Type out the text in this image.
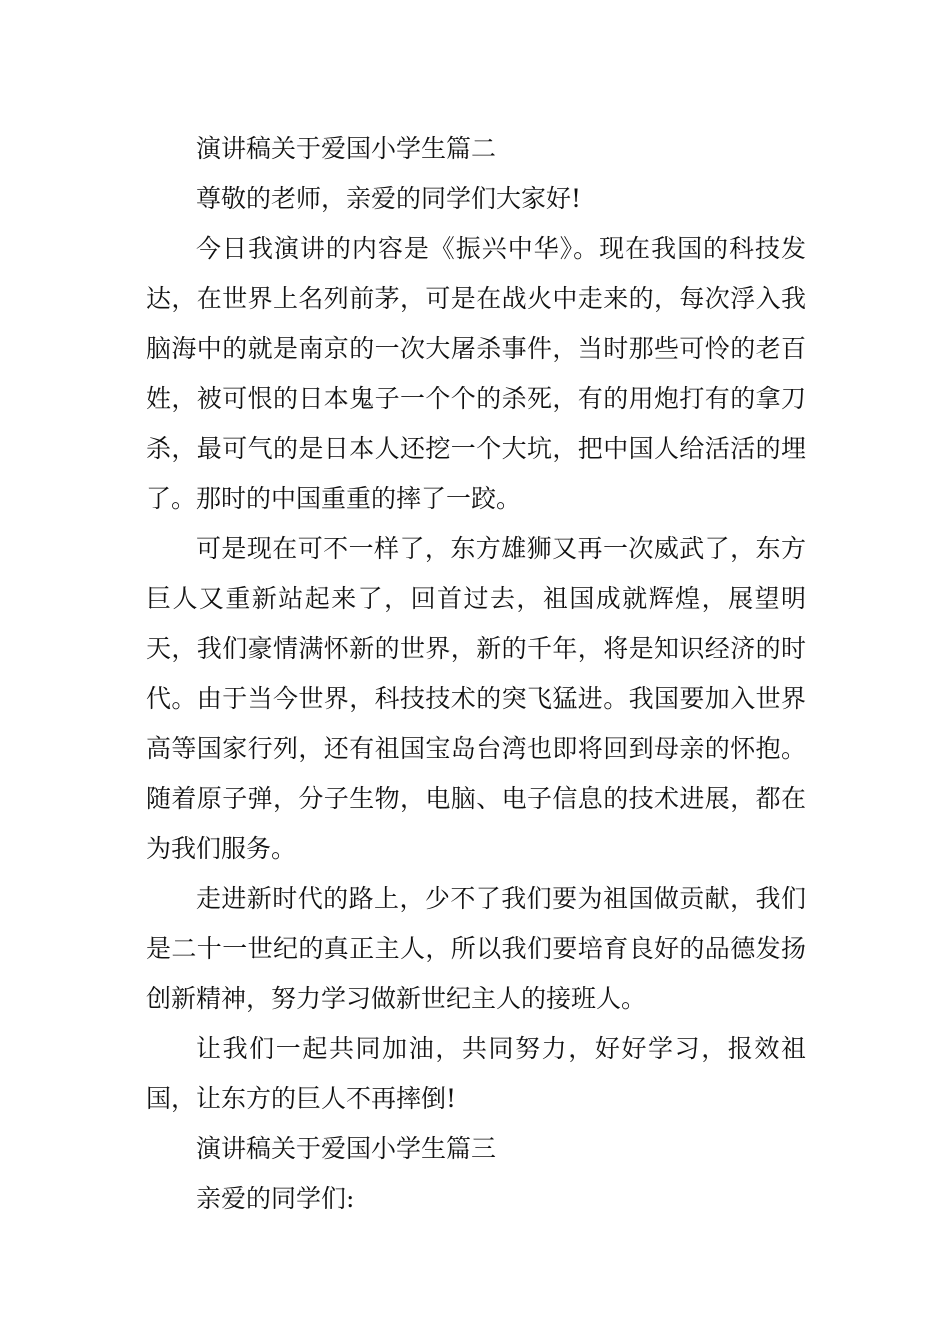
演讲稿关于爱国小学生篇二

尊敬的老师，亲爱的同学们大家好!

今日我演讲的内容是《振兴中华》。现在我国的科技发达，在世界上名列前茅，可是在战火中走来的，每次浮入我脑海中的就是南京的一次大屠杀事件，当时那些可怜的老百姓，被可恨的日本鬼子一个个的杀死，有的用炮打有的拿刀杀，最可气的是日本人还挖一个大坑，把中国人给活活的埋了。那时的中国重重的摔了一跤。

可是现在可不一样了，东方雄狮又再一次威武了，东方巨人又重新站起来了，回首过去，祖国成就辉煌，展望明天，我们豪情满怀新的世界，新的千年，将是知识经济的时代。由于当今世界，科技技术的突飞猛进。我国要加入世界高等国家行列，还有祖国宝岛台湾也即将回到母亲的怀抱。随着原子弹，分子生物，电脑、电子信息的技术进展，都在为我们服务。

走进新时代的路上，少不了我们要为祖国做贡献，我们是二十一世纪的真正主人，所以我们要培育良好的品德发扬创新精神，努力学习做新世纪主人的接班人。

让我们一起共同加油，共同努力，好好学习，报效祖国，让东方的巨人不再摔倒!

演讲稿关于爱国小学生篇三

亲爱的同学们:
